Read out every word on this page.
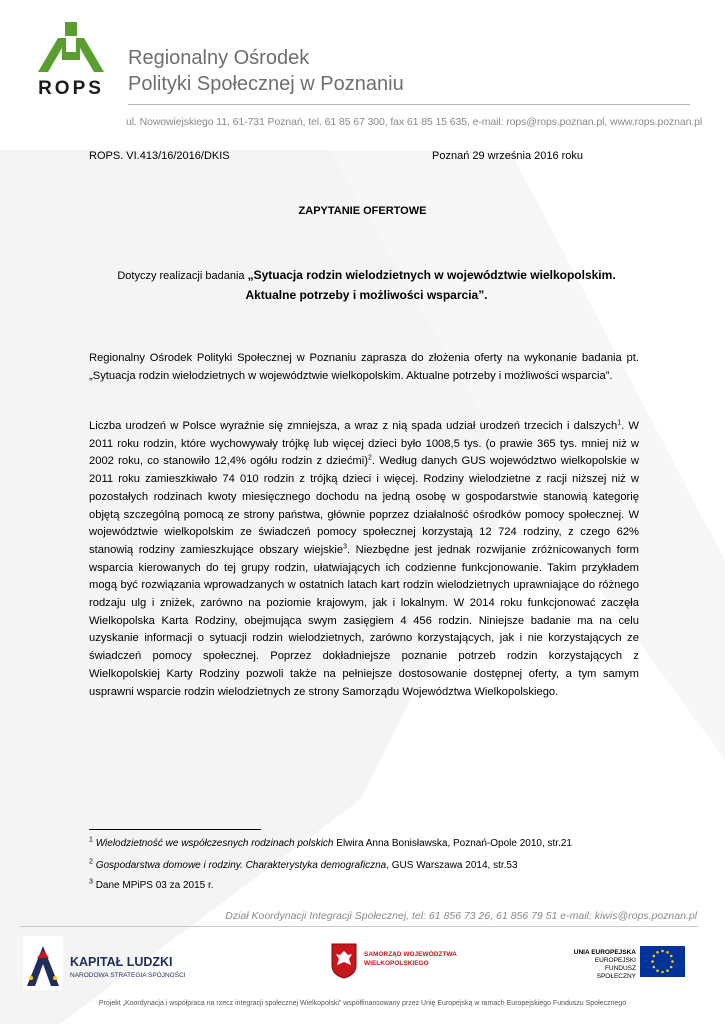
ROPS
Regionalny Ośrodek
Polityki Społecznej w Poznaniu
ul. Nowowiejskiego 11, 61-731 Poznań, tel. 61 85 67 300, fax 61 85 15 635, e-mail: rops@rops.poznan.pl, www.rops.poznan.pl
ROPS. VI.413/16/2016/DKIS	Poznań 29 września 2016 roku
ZAPYTANIE OFERTOWE
Dotyczy realizacji badania „Sytuacja rodzin wielodzietnych w województwie wielkopolskim.
Aktualne potrzeby i możliwości wsparcia”.
Regionalny Ośrodek Polityki Społecznej w Poznaniu zaprasza do złożenia oferty na wykonanie badania pt. „Sytuacja rodzin wielodzietnych w województwie wielkopolskim. Aktualne potrzeby i możliwości wsparcia”.
Liczba urodzeń w Polsce wyraźnie się zmniejsza, a wraz z nią spada udział urodzeń trzecich i dalszych$^1$. W 2011 roku rodzin, które wychowywały trójkę lub więcej dzieci było 1008,5 tys. (o prawie 365 tys. mniej niż w 2002 roku, co stanowiło 12,4% ogółu rodzin z dziećmi)$^2$. Według danych GUS województwo wielkopolskie w 2011 roku zamieszkiwało 74 010 rodzin z trójką dzieci i więcej. Rodziny wielodzietne z racji niższej niż w pozostałych rodzinach kwoty miesięcznego dochodu na jedną osobę w gospodarstwie stanowią kategorię objętą szczególną pomocą ze strony państwa, głównie poprzez działalność ośrodków pomocy społecznej. W województwie wielkopolskim ze świadczeń pomocy społecznej korzystają 12 724 rodziny, z czego 62% stanowią rodziny zamieszkujące obszary wiejskie$^3$. Niezbędne jest jednak rozwijanie zróżnicowanych form wsparcia kierowanych do tej grupy rodzin, ułatwiających ich codzienne funkcjonowanie. Takim przykładem mogą być rozwiązania wprowadzanych w ostatnich latach kart rodzin wielodzietnych uprawniające do różnego rodzaju ulg i zniżek, zarówno na poziomie krajowym, jak i lokalnym. W 2014 roku funkcjonować zaczęła Wielkopolska Karta Rodziny, obejmująca swym zasięgiem 4 456 rodzin. Niniejsze badanie ma na celu uzyskanie informacji o sytuacji rodzin wielodzietnych, zarówno korzystających, jak i nie korzystających ze świadczeń pomocy społecznej. Poprzez dokładniejsze poznanie potrzeb rodzin korzystających z Wielkopolskiej Karty Rodziny pozwoli także na pełniejsze dostosowanie dostępnej oferty, a tym samym usprawni wsparcie rodzin wielodzietnych ze strony Samorządu Województwa Wielkopolskiego.
$^1$ Wielodzietność we współczesnych rodzinach polskich Elwira Anna Bonisławska, Poznań-Opole 2010, str.21
$^2$ Gospodarstwa domowe i rodziny. Charakterystyka demograficzna, GUS Warszawa 2014, str.53
$^3$ Dane MPiPS 03 za 2015 r.
Dział Koordynacji Integracji Społecznej, tel: 61 856 73 26, 61 856 79 51 e-mail: kiwis@rops.poznan.pl
KAPITAŁ LUDZKI
NARODOWA STRATEGIA SPÓJNOŚCI
SAMORZĄD WOJEWÓDZTWA
WIELKOPOLSKIEGO
UNIA EUROPEJSKA
EUROPEJSKI
FUNDUSZ SPOŁECZNY
Projekt „Koordynacja i współpraca na rzecz integracji społecznej Wielkopolski” współfinansowany przez Unię Europejską w ramach Europejskiego Funduszu Społecznego
